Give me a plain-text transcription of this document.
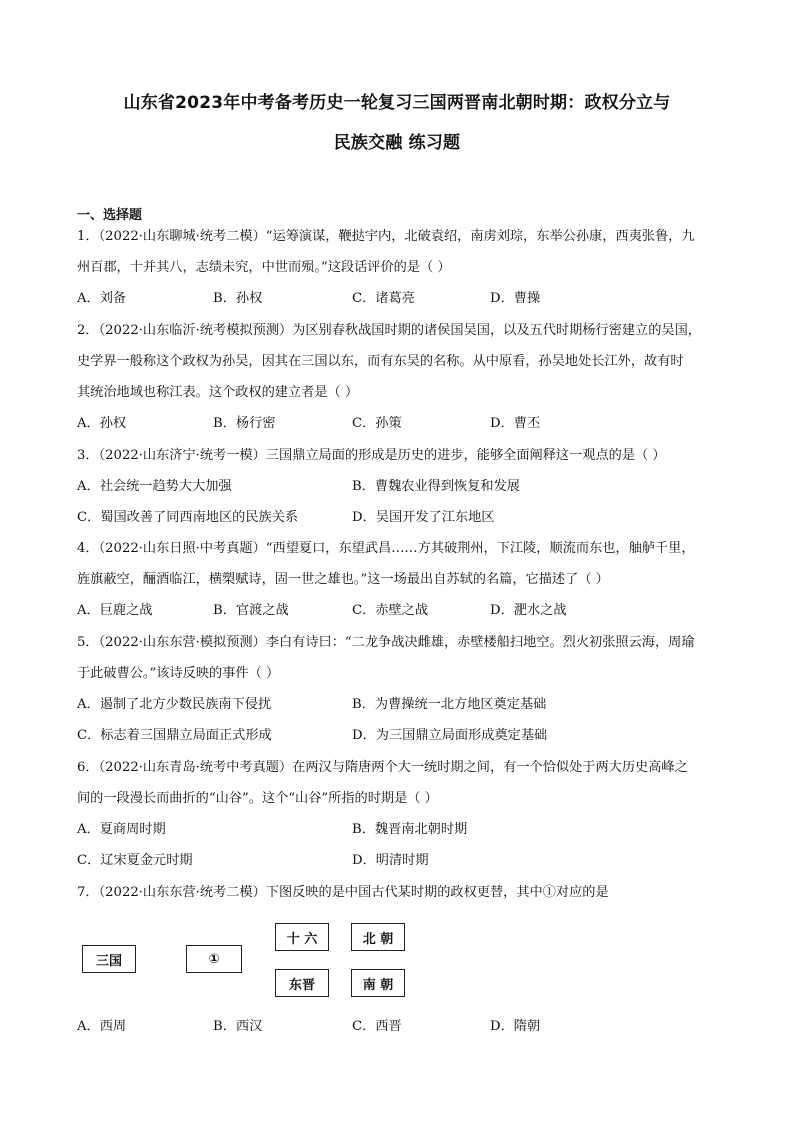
山东省2023年中考备考历史一轮复习三国两晋南北朝时期：政权分立与
民族交融 练习题
一、选择题
1．（2022·山东聊城·统考二模）“运筹演谋，鞭挞宇内，北破袁绍，南虏刘琮，东举公孙康，西夷张鲁，九
州百郡，十并其八，志绩未究，中世而殒。”这段话评价的是（ ）
A．刘备	B．孙权	C．诸葛亮	D．曹操
2．（2022·山东临沂·统考模拟预测）为区别春秋战国时期的诸侯国吴国，以及五代时期杨行密建立的吴国，
史学界一般称这个政权为孙吴，因其在三国以东，而有东吴的名称。从中原看，孙吴地处长江外，故有时
其统治地域也称江表。这个政权的建立者是（ ）
A．孙权	B．杨行密	C．孙策	D．曹丕
3．（2022·山东济宁·统考一模）三国鼎立局面的形成是历史的进步，能够全面阐释这一观点的是（ ）
A．社会统一趋势大大加强	B．曹魏农业得到恢复和发展
C．蜀国改善了同西南地区的民族关系	D．吴国开发了江东地区
4．（2022·山东日照·中考真题）“西望夏口，东望武昌……方其破荆州，下江陵，顺流而东也，舳舻千里，
旌旗蔽空，酾酒临江，横槊赋诗，固一世之雄也。”这一场最出自苏轼的名篇，它描述了（ ）
A．巨鹿之战	B．官渡之战	C．赤壁之战	D．淝水之战
5．（2022·山东东营·模拟预测）李白有诗曰：“二龙争战决雌雄，赤壁楼船扫地空。烈火初张照云海，周瑜
于此破曹公。”该诗反映的事件（ ）
A．遏制了北方少数民族南下侵扰	B．为曹操统一北方地区奠定基础
C．标志着三国鼎立局面正式形成	D．为三国鼎立局面形成奠定基础
6．（2022·山东青岛·统考中考真题）在两汉与隋唐两个大一统时期之间，有一个恰似处于两大历史高峰之
间的一段漫长而曲折的“山谷”。这个“山谷”所指的时期是（ ）
A．夏商周时期	B．魏晋南北朝时期
C．辽宋夏金元时期	D．明清时期
7．（2022·山东东营·统考二模）下图反映的是中国古代某时期的政权更替，其中①对应的是
三国	①
十 六	北 朝
东晋	南 朝
A．西周	B．西汉	C．西晋	D．隋朝
